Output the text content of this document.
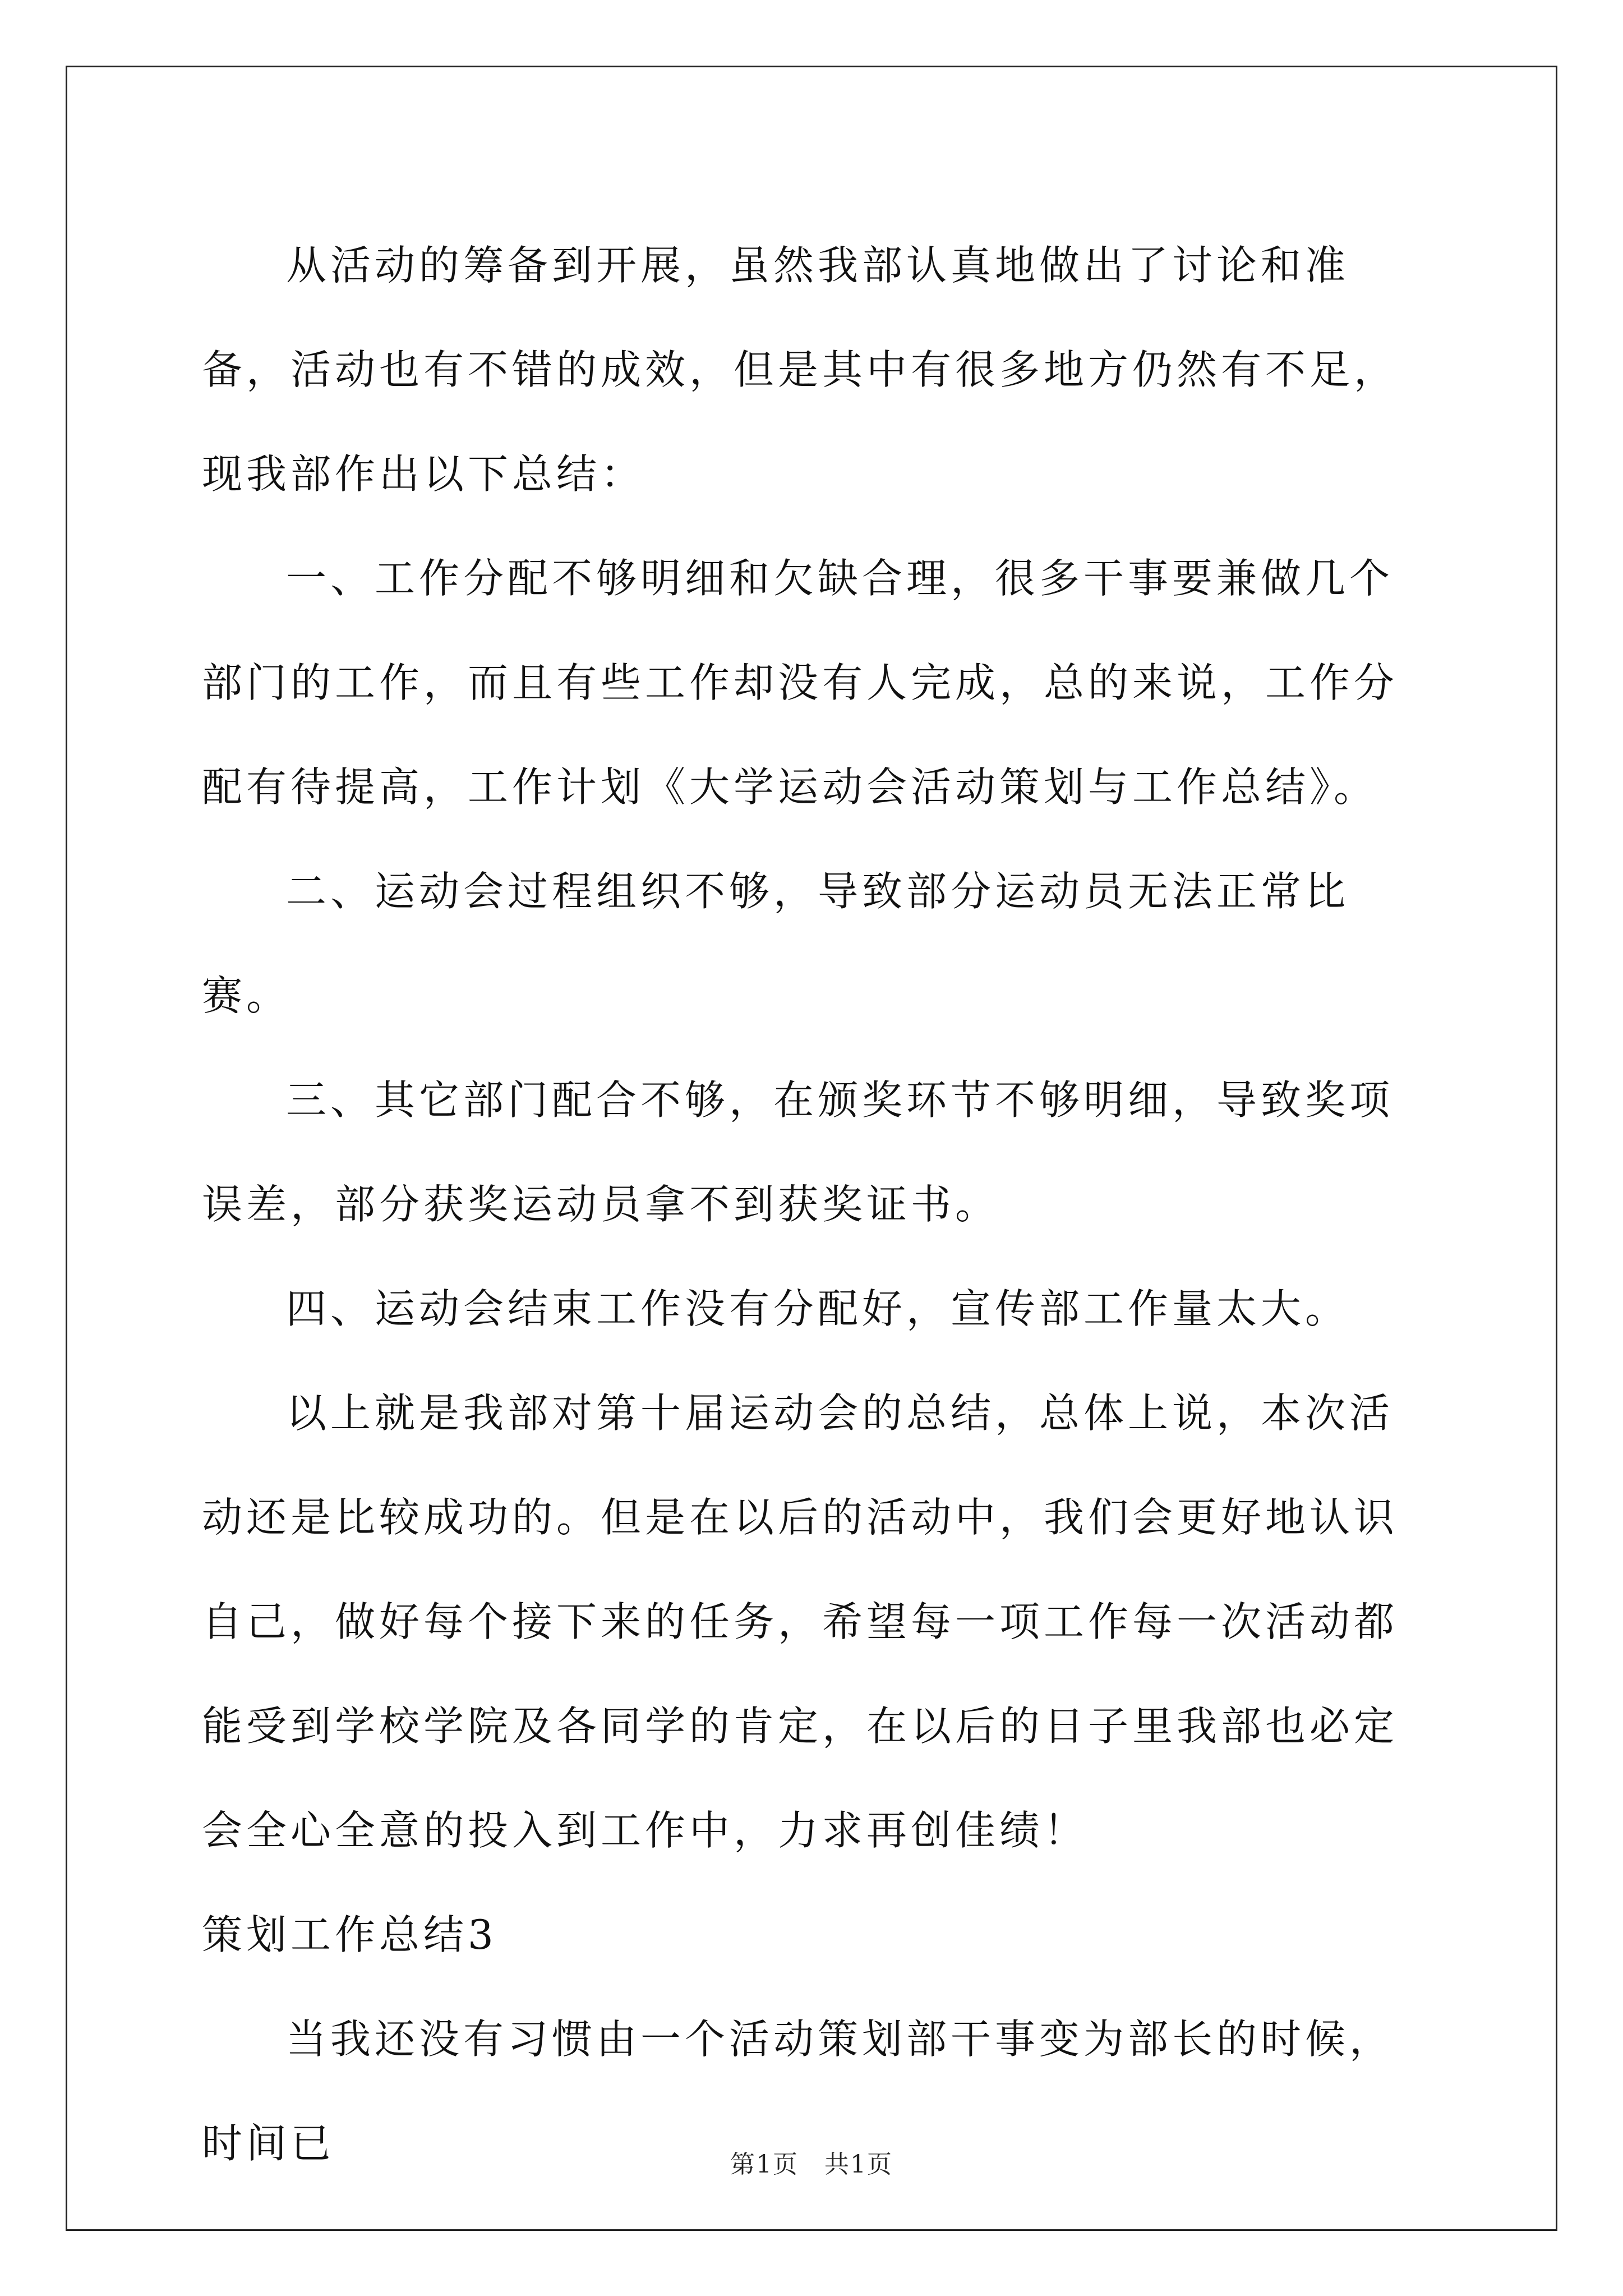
从活动的筹备到开展，虽然我部认真地做出了讨论和准备，活动也有不错的成效，但是其中有很多地方仍然有不足，现我部作出以下总结：

一、工作分配不够明细和欠缺合理，很多干事要兼做几个部门的工作，而且有些工作却没有人完成，总的来说，工作分配有待提高，工作计划《大学运动会活动策划与工作总结》。

二、运动会过程组织不够，导致部分运动员无法正常比赛。

三、其它部门配合不够，在颁奖环节不够明细，导致奖项误差，部分获奖运动员拿不到获奖证书。

四、运动会结束工作没有分配好，宣传部工作量太大。

以上就是我部对第十届运动会的总结，总体上说，本次活动还是比较成功的。但是在以后的活动中，我们会更好地认识自己，做好每个接下来的任务，希望每一项工作每一次活动都能受到学校学院及各同学的肯定，在以后的日子里我部也必定会全心全意的投入到工作中，力求再创佳绩！

策划工作总结3

当我还没有习惯由一个活动策划部干事变为部长的时候，时间已	第1页 共1页
